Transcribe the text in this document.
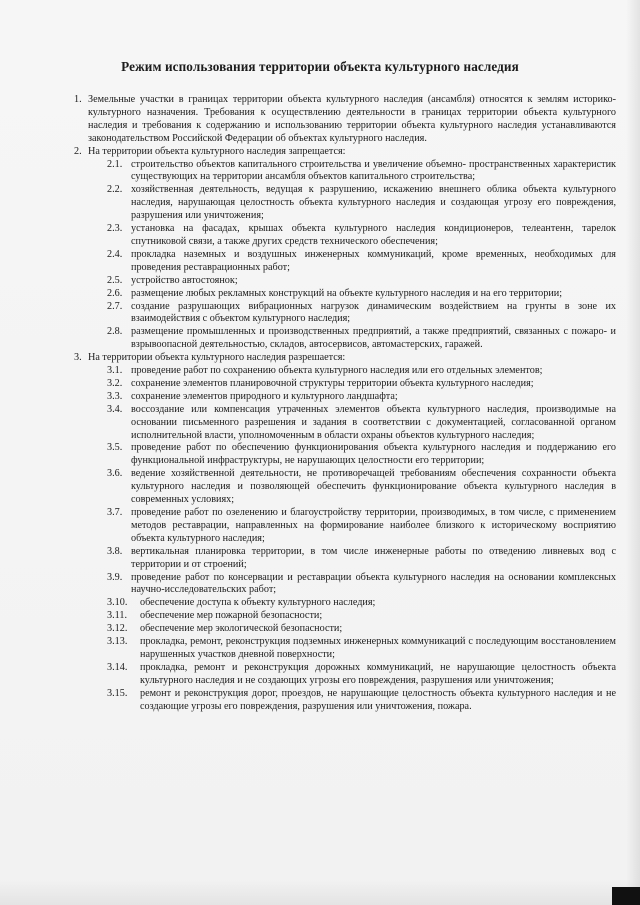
Режим использования территории объекта культурного наследия
1. Земельные участки в границах территории объекта культурного наследия (ансамбля) относятся к землям историко-культурного назначения. Требования к осуществлению деятельности в границах территории объекта культурного наследия и требования к содержанию и использованию территории объекта культурного наследия устанавливаются законодательством Российской Федерации об объектах культурного наследия.
2. На территории объекта культурного наследия запрещается:
2.1. строительство объектов капитального строительства и увеличение объемно- пространственных характеристик существующих на территории ансамбля объектов капитального строительства;
2.2. хозяйственная деятельность, ведущая к разрушению, искажению внешнего облика объекта культурного наследия, нарушающая целостность объекта культурного наследия и создающая угрозу его повреждения, разрушения или уничтожения;
2.3. установка на фасадах, крышах объекта культурного наследия кондиционеров, телеантенн, тарелок спутниковой связи, а также других средств технического обеспечения;
2.4. прокладка наземных и воздушных инженерных коммуникаций, кроме временных, необходимых для проведения реставрационных работ;
2.5. устройство автостоянок;
2.6. размещение любых рекламных конструкций на объекте культурного наследия и на его территории;
2.7. создание разрушающих вибрационных нагрузок динамическим воздействием на грунты в зоне их взаимодействия с объектом культурного наследия;
2.8. размещение промышленных и производственных предприятий, а также предприятий, связанных с пожаро- и взрывоопасной деятельностью, складов, автосервисов, автомастерских, гаражей.
3. На территории объекта культурного наследия разрешается:
3.1. проведение работ по сохранению объекта культурного наследия или его отдельных элементов;
3.2. сохранение элементов планировочной структуры территории объекта культурного наследия;
3.3. сохранение элементов природного и культурного ландшафта;
3.4. воссоздание или компенсация утраченных элементов объекта культурного наследия, производимые на основании письменного разрешения и задания в соответствии с документацией, согласованной органом исполнительной власти, уполномоченным в области охраны объектов культурного наследия;
3.5. проведение работ по обеспечению функционирования объекта культурного наследия и поддержанию его функциональной инфраструктуры, не нарушающих целостности его территории;
3.6. ведение хозяйственной деятельности, не противоречащей требованиям обеспечения сохранности объекта культурного наследия и позволяющей обеспечить функционирование объекта культурного наследия в современных условиях;
3.7. проведение работ по озеленению и благоустройству территории, производимых, в том числе, с применением методов реставрации, направленных на формирование наиболее близкого к историческому восприятию объекта культурного наследия;
3.8. вертикальная планировка территории, в том числе инженерные работы по отведению ливневых вод с территории и от строений;
3.9. проведение работ по консервации и реставрации объекта культурного наследия на основании комплексных научно-исследовательских работ;
3.10.	обеспечение доступа к объекту культурного наследия;
3.11.	обеспечение мер пожарной безопасности;
3.12.	обеспечение мер экологической безопасности;
3.13.	прокладка, ремонт, реконструкция подземных инженерных коммуникаций с последующим восстановлением нарушенных участков дневной поверхности;
3.14.	прокладка, ремонт и реконструкция дорожных коммуникаций, не нарушающие целостность объекта культурного наследия и не создающих угрозы его повреждения, разрушения или уничтожения;
3.15.	ремонт и реконструкция дорог, проездов, не нарушающие целостность объекта культурного наследия и не создающие угрозы его повреждения, разрушения или уничтожения, пожара.
